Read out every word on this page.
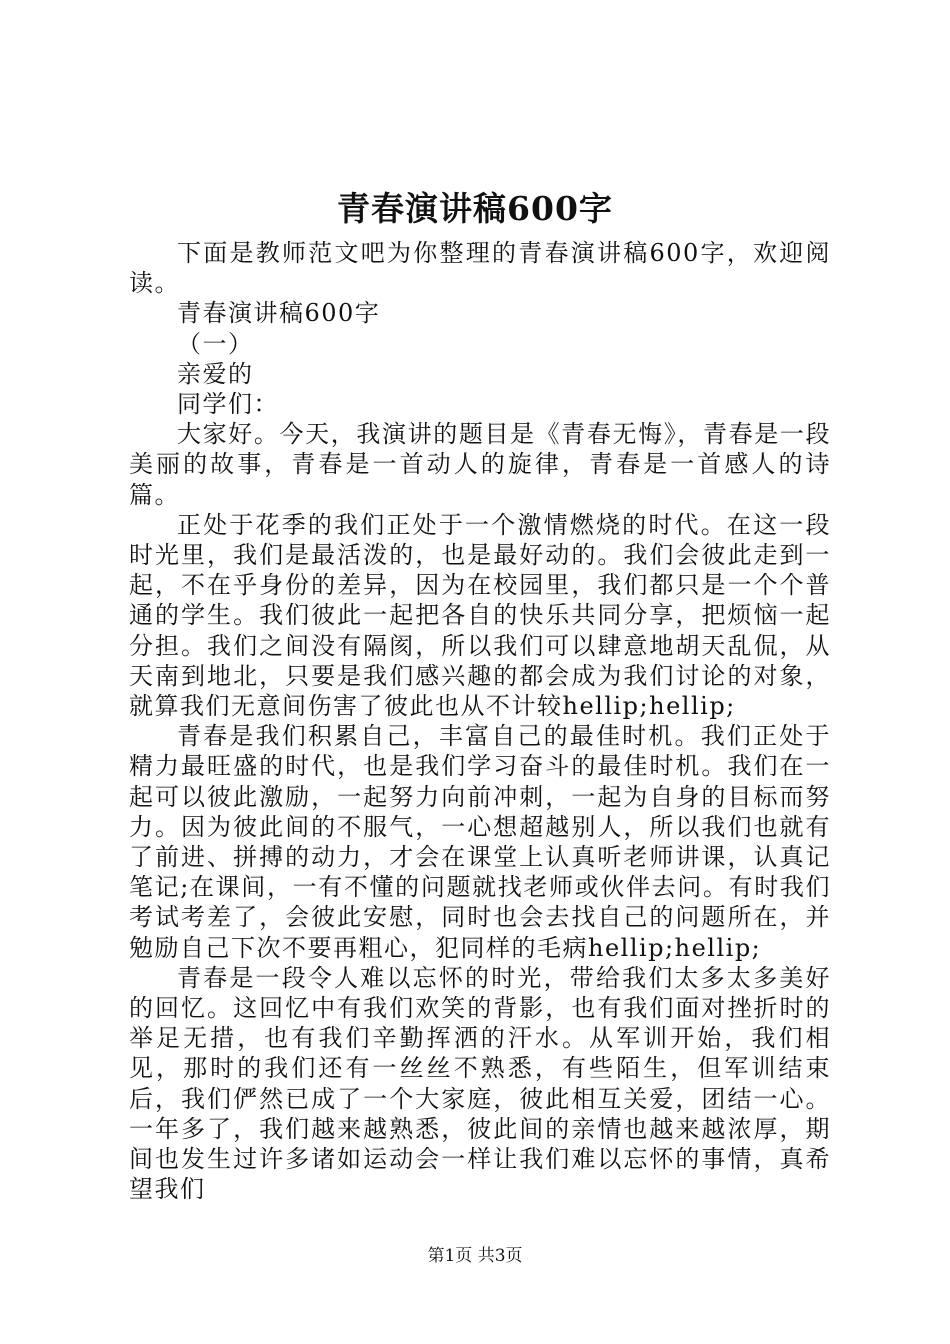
青春演讲稿600字

下面是教师范文吧为你整理的青春演讲稿600字，欢迎阅读。

青春演讲稿600字

（一）

亲爱的

同学们：

大家好。今天，我演讲的题目是《青春无悔》，青春是一段美丽的故事，青春是一首动人的旋律，青春是一首感人的诗篇。

正处于花季的我们正处于一个激情燃烧的时代。在这一段时光里，我们是最活泼的，也是最好动的。我们会彼此走到一起，不在乎身份的差异，因为在校园里，我们都只是一个个普通的学生。我们彼此一起把各自的快乐共同分享，把烦恼一起分担。我们之间没有隔阂，所以我们可以肆意地胡天乱侃，从天南到地北，只要是我们感兴趣的都会成为我们讨论的对象，就算我们无意间伤害了彼此也从不计较hellip;hellip;

青春是我们积累自己，丰富自己的最佳时机。我们正处于精力最旺盛的时代，也是我们学习奋斗的最佳时机。我们在一起可以彼此激励，一起努力向前冲刺，一起为自身的目标而努力。因为彼此间的不服气，一心想超越别人，所以我们也就有了前进、拼搏的动力，才会在课堂上认真听老师讲课，认真记笔记;在课间，一有不懂的问题就找老师或伙伴去问。有时我们考试考差了，会彼此安慰，同时也会去找自己的问题所在，并勉励自己下次不要再粗心，犯同样的毛病hellip;hellip;

青春是一段令人难以忘怀的时光，带给我们太多太多美好的回忆。这回忆中有我们欢笑的背影，也有我们面对挫折时的举足无措，也有我们辛勤挥洒的汗水。从军训开始，我们相见，那时的我们还有一丝丝不熟悉，有些陌生，但军训结束后，我们俨然已成了一个大家庭，彼此相互关爱，团结一心。一年多了，我们越来越熟悉，彼此间的亲情也越来越浓厚，期间也发生过许多诸如运动会一样让我们难以忘怀的事情，真希望我们

第1页 共3页
